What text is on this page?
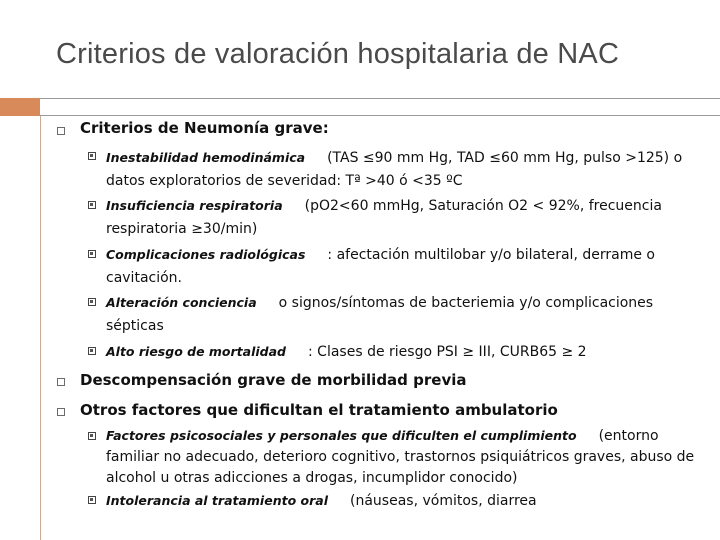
Criterios de valoración hospitalaria de NAC
Criterios de Neumonía grave:
Inestabilidad hemodinámica (TAS ≤90 mm Hg, TAD ≤60 mm Hg, pulso >125) o datos exploratorios de severidad: Tª >40 ó <35 ºC
Insuficiencia respiratoria (pO2<60 mmHg, Saturación O2 < 92%, frecuencia respiratoria ≥30/min)
Complicaciones radiológicas : afectación multilobar y/o bilateral, derrame o cavitación.
Alteración conciencia o signos/síntomas de bacteriemia y/o complicaciones sépticas
Alto riesgo de mortalidad : Clases de riesgo PSI ≥ III, CURB65 ≥ 2
Descompensación grave de morbilidad previa
Otros factores que dificultan el tratamiento ambulatorio
Factores psicosociales y personales que dificulten el cumplimiento (entorno familiar no adecuado, deterioro cognitivo, trastornos psiquiátricos graves, abuso de alcohol u otras adicciones a drogas, incumplidor conocido)
Intolerancia al tratamiento oral (náuseas, vómitos, diarrea
